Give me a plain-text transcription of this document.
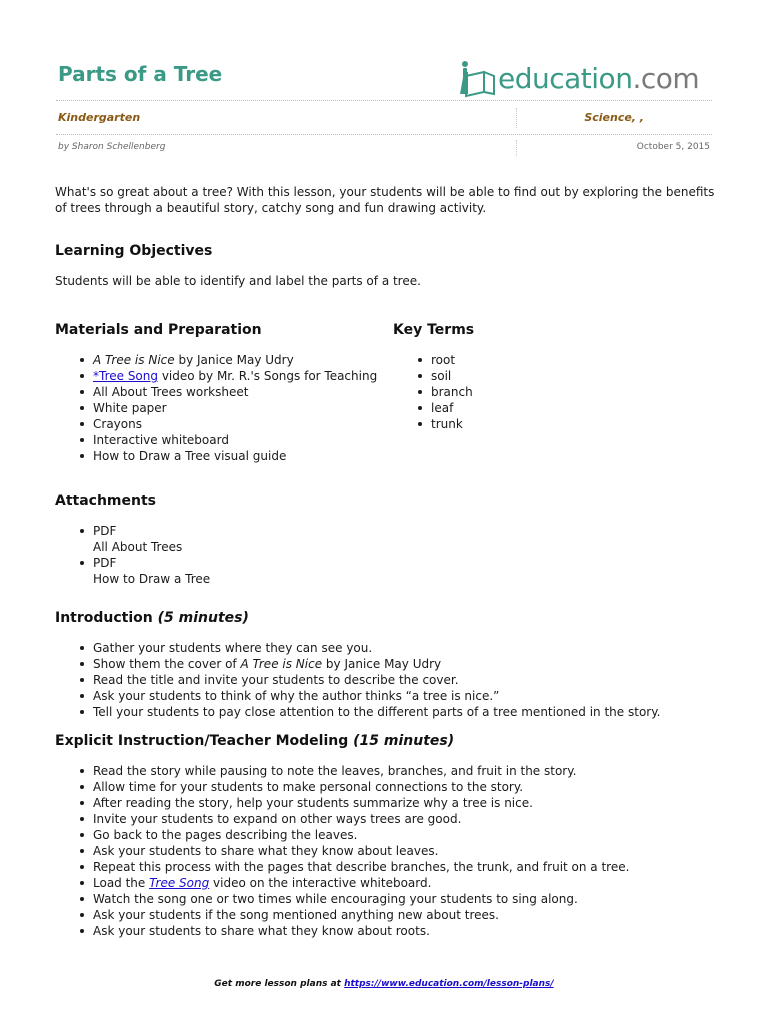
Parts of a Tree	education.com
Kindergarten	Science, ,
by Sharon Schellenberg	October 5, 2015
What's so great about a tree? With this lesson, your students will be able to find out by exploring the benefits of trees through a beautiful story, catchy song and fun drawing activity.
Learning Objectives

Students will be able to identify and label the parts of a tree.

Materials and Preparation
A Tree is Nice by Janice May Udry
*Tree Song video by Mr. R.'s Songs for Teaching
All About Trees worksheet
White paper
Crayons
Interactive whiteboard
How to Draw a Tree visual guide
Key Terms
root
soil
branch
leaf
trunk
Attachments
PDF
All About Trees
PDF
How to Draw a Tree
Introduction (5 minutes)
Gather your students where they can see you.
Show them the cover of A Tree is Nice by Janice May Udry
Read the title and invite your students to describe the cover.
Ask your students to think of why the author thinks “a tree is nice.”
Tell your students to pay close attention to the different parts of a tree mentioned in the story.
Explicit Instruction/Teacher Modeling (15 minutes)
Read the story while pausing to note the leaves, branches, and fruit in the story.
Allow time for your students to make personal connections to the story.
After reading the story, help your students summarize why a tree is nice.
Invite your students to expand on other ways trees are good.
Go back to the pages describing the leaves.
Ask your students to share what they know about leaves.
Repeat this process with the pages that describe branches, the trunk, and fruit on a tree.
Load the Tree Song video on the interactive whiteboard.
Watch the song one or two times while encouraging your students to sing along.
Ask your students if the song mentioned anything new about trees.
Ask your students to share what they know about roots.
Get more lesson plans at https://www.education.com/lesson-plans/
